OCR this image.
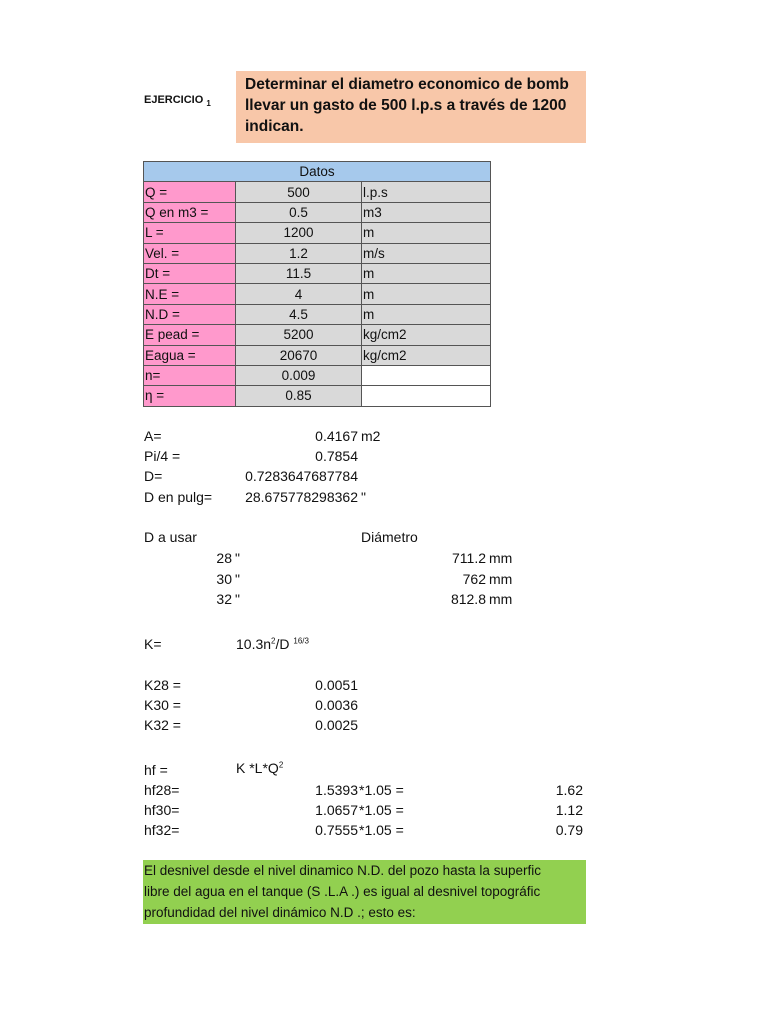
EJERCICIO $_1$
Determinar el diametro economico de bomb
llevar un gasto de 500 l.p.s a través de 1200
indican.
Datos		
Q =	500	l.p.s
Q en m3 =	0.5	m3
L =	1200	m
Vel. =	1.2	m/s
Dt =	11.5	m
N.E =	4	m
N.D =	4.5	m
E pead =	5200	kg/cm2
Eagua =	20670	kg/cm2
n=	0.009	
η =	0.85	
A=	0.4167 m2
Pi/4 =	0.7854
D=	0.7283647687784
D en pulg=	28.675778298362 "
D a usar	Diámetro
28 "	711.2 mm
30 "	762 mm
32 "	812.8 mm
K=	$10.3n^2/D$ $^{16/3}$
K28 =	0.0051
K30 =	0.0036
K32 =	0.0025
hf =	K $*L*Q^2$
hf28=	1.5393 *1.05 =	1.62
hf30=	1.0657 *1.05 =	1.12
hf32=	0.7555 *1.05 =	0.79
El desnivel desde el nivel dinamico N.D. del pozo hasta la superfic
libre del agua en el tanque (S .L.A .) es igual al desnivel topográfic
profundidad del nivel dinámico N.D .; esto es:
